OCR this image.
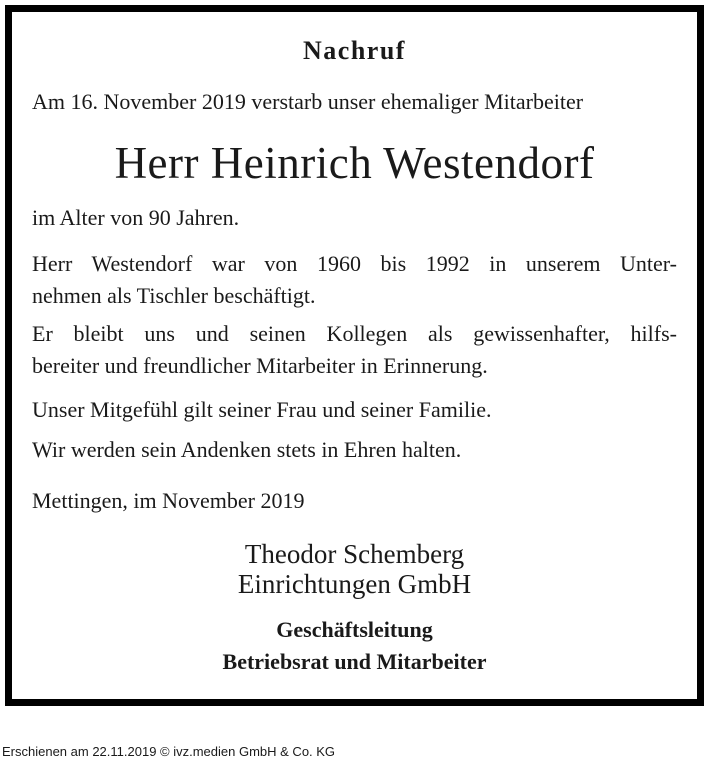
Nachruf

Am 16. November 2019 verstarb unser ehemaliger Mitarbeiter

Herr Heinrich Westendorf

im Alter von 90 Jahren.

Herr Westendorf war von 1960 bis 1992 in unserem Unter-
nehmen als Tischler beschäftigt.

Er bleibt uns und seinen Kollegen als gewissenhafter, hilfs-
bereiter und freundlicher Mitarbeiter in Erinnerung.

Unser Mitgefühl gilt seiner Frau und seiner Familie.

Wir werden sein Andenken stets in Ehren halten.

Mettingen, im November 2019

Theodor Schemberg
Einrichtungen GmbH
Geschäftsleitung
Betriebsrat und Mitarbeiter
Erschienen am 22.11.2019 © ivz.medien GmbH & Co. KG
